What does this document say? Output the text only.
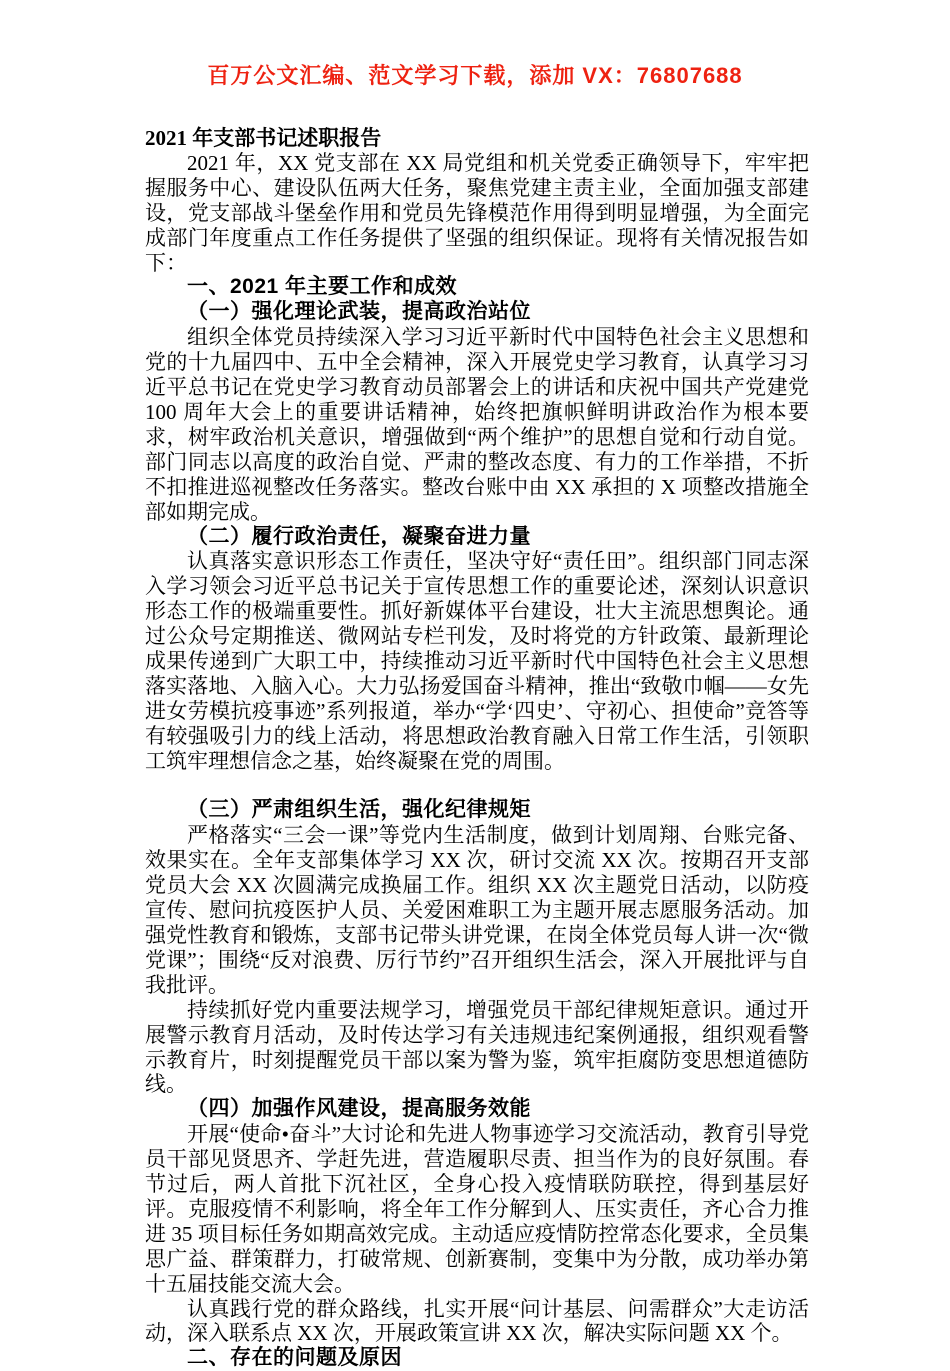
百万公文汇编、范文学习下载，添加 VX：76807688
2021 年支部书记述职报告
2021 年，XX 党支部在 XX 局党组和机关党委正确领导下，牢牢把握服务中心、建设队伍两大任务，聚焦党建主责主业，全面加强支部建设，党支部战斗堡垒作用和党员先锋模范作用得到明显增强，为全面完成部门年度重点工作任务提供了坚强的组织保证。现将有关情况报告如下：
一、2021 年主要工作和成效
（一）强化理论武装，提高政治站位
组织全体党员持续深入学习习近平新时代中国特色社会主义思想和党的十九届四中、五中全会精神，深入开展党史学习教育，认真学习习近平总书记在党史学习教育动员部署会上的讲话和庆祝中国共产党建党 100 周年大会上的重要讲话精神，始终把旗帜鲜明讲政治作为根本要求，树牢政治机关意识，增强做到“两个维护”的思想自觉和行动自觉。部门同志以高度的政治自觉、严肃的整改态度、有力的工作举措，不折不扣推进巡视整改任务落实。整改台账中由 XX 承担的 X 项整改措施全部如期完成。
（二）履行政治责任，凝聚奋进力量
认真落实意识形态工作责任，坚决守好“责任田”。组织部门同志深入学习领会习近平总书记关于宣传思想工作的重要论述，深刻认识意识形态工作的极端重要性。抓好新媒体平台建设，壮大主流思想舆论。通过公众号定期推送、微网站专栏刊发，及时将党的方针政策、最新理论成果传递到广大职工中，持续推动习近平新时代中国特色社会主义思想落实落地、入脑入心。大力弘扬爱国奋斗精神，推出“致敬巾帼——女先进女劳模抗疫事迹”系列报道，举办“学‘四史’、守初心、担使命”竞答等有较强吸引力的线上活动，将思想政治教育融入日常工作生活，引领职工筑牢理想信念之基，始终凝聚在党的周围。
（三）严肃组织生活，强化纪律规矩
严格落实“三会一课”等党内生活制度，做到计划周翔、台账完备、效果实在。全年支部集体学习 XX 次，研讨交流 XX 次。按期召开支部党员大会 XX 次圆满完成换届工作。组织 XX 次主题党日活动，以防疫宣传、慰问抗疫医护人员、关爱困难职工为主题开展志愿服务活动。加强党性教育和锻炼，支部书记带头讲党课，在岗全体党员每人讲一次“微党课”；围绕“反对浪费、厉行节约”召开组织生活会，深入开展批评与自我批评。
持续抓好党内重要法规学习，增强党员干部纪律规矩意识。通过开展警示教育月活动，及时传达学习有关违规违纪案例通报，组织观看警示教育片，时刻提醒党员干部以案为警为鉴，筑牢拒腐防变思想道德防线。
（四）加强作风建设，提高服务效能
开展“使命•奋斗”大讨论和先进人物事迹学习交流活动，教育引导党员干部见贤思齐、学赶先进，营造履职尽责、担当作为的良好氛围。春节过后，两人首批下沉社区，全身心投入疫情联防联控，得到基层好评。克服疫情不利影响，将全年工作分解到人、压实责任，齐心合力推进 35 项目标任务如期高效完成。主动适应疫情防控常态化要求，全员集思广益、群策群力，打破常规、创新赛制，变集中为分散，成功举办第十五届技能交流大会。
认真践行党的群众路线，扎实开展“问计基层、问需群众”大走访活动，深入联系点 XX 次，开展政策宣讲 XX 次，解决实际问题 XX 个。
二、存在的问题及原因
